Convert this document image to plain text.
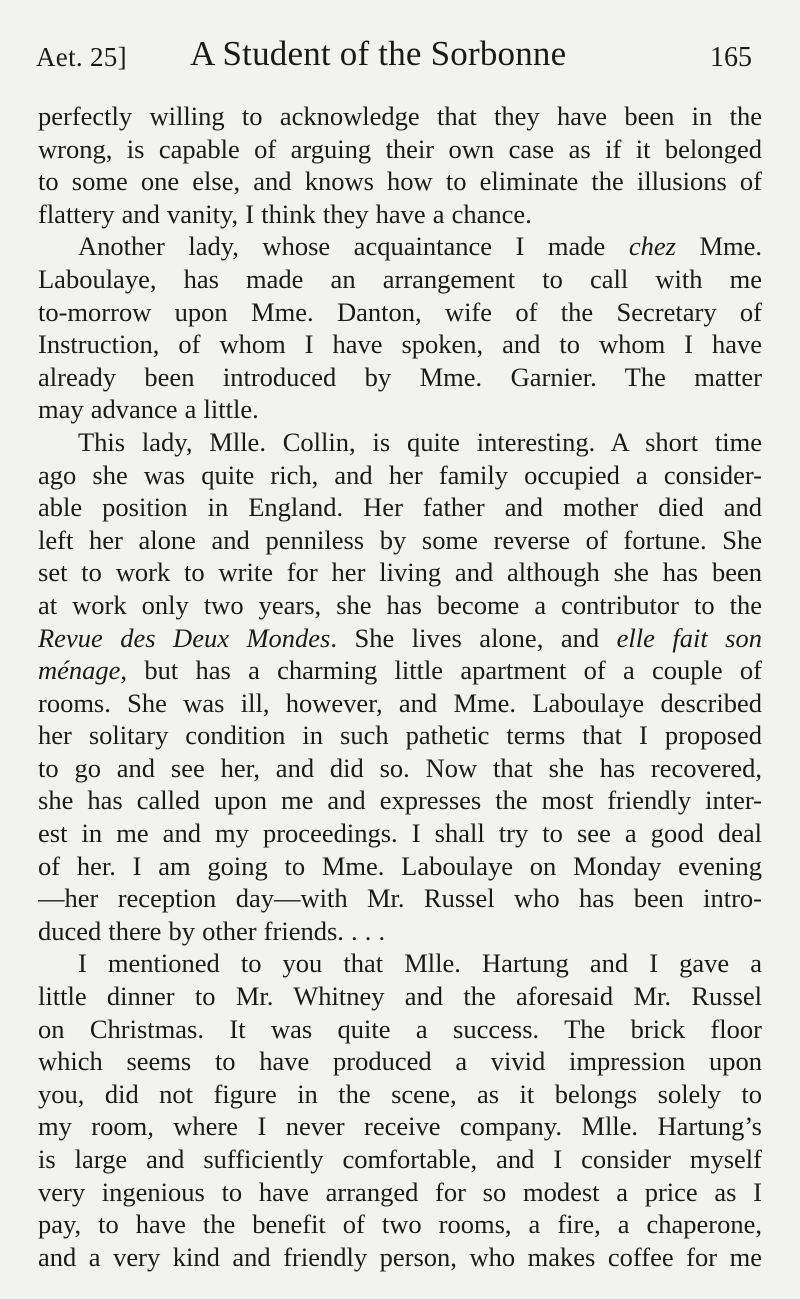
Aet. 25] A Student of the Sorbonne	165
perfectly willing to acknowledge that they have been in the
wrong, is capable of arguing their own case as if it belonged
to some one else, and knows how to eliminate the illusions of
flattery and vanity, I think they have a chance.
Another lady, whose acquaintance I made chez Mme.
Laboulaye, has made an arrangement to call with me
to-morrow upon Mme. Danton, wife of the Secretary of
Instruction, of whom I have spoken, and to whom I have
already been introduced by Mme. Garnier. The matter
may advance a little.
This lady, Mlle. Collin, is quite interesting. A short time
ago she was quite rich, and her family occupied a consider-
able position in England. Her father and mother died and
left her alone and penniless by some reverse of fortune. She
set to work to write for her living and although she has been
at work only two years, she has become a contributor to the
Revue des Deux Mondes. She lives alone, and elle fait son
ménage, but has a charming little apartment of a couple of
rooms. She was ill, however, and Mme. Laboulaye described
her solitary condition in such pathetic terms that I proposed
to go and see her, and did so. Now that she has recovered,
she has called upon me and expresses the most friendly inter-
est in me and my proceedings. I shall try to see a good deal
of her. I am going to Mme. Laboulaye on Monday evening
—her reception day—with Mr. Russel who has been intro-
duced there by other friends. . . .
I mentioned to you that Mlle. Hartung and I gave a
little dinner to Mr. Whitney and the aforesaid Mr. Russel
on Christmas. It was quite a success. The brick floor
which seems to have produced a vivid impression upon
you, did not figure in the scene, as it belongs solely to
my room, where I never receive company. Mlle. Hartung’s
is large and sufficiently comfortable, and I consider myself
very ingenious to have arranged for so modest a price as I
pay, to have the benefit of two rooms, a fire, a chaperone,
and a very kind and friendly person, who makes coffee for me
